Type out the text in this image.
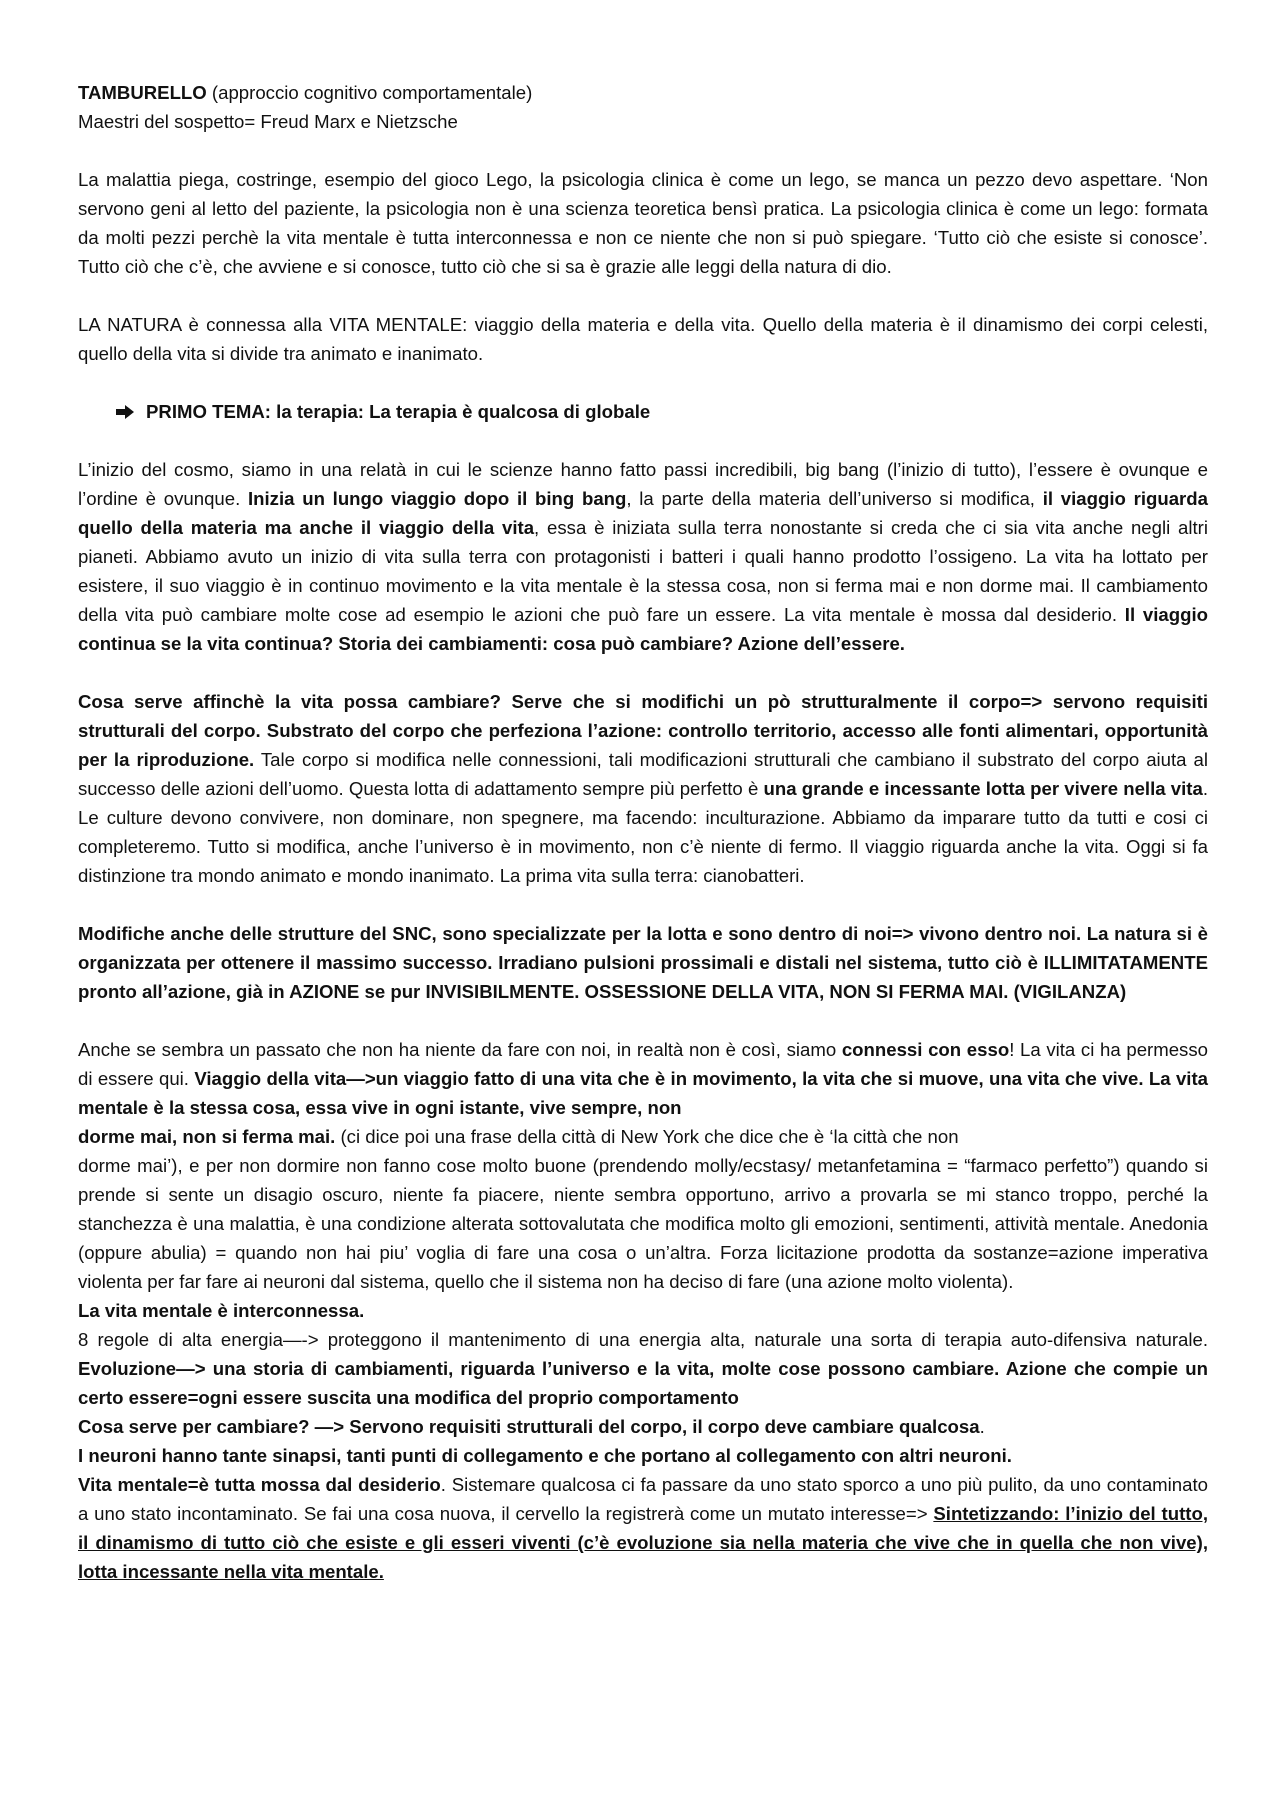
TAMBURELLO (approccio cognitivo comportamentale)

Maestri del sospetto= Freud Marx e Nietzsche

La malattia piega, costringe, esempio del gioco Lego, la psicologia clinica è come un lego, se manca un pezzo devo aspettare. ‘Non servono geni al letto del paziente, la psicologia non è una scienza teoretica bensì pratica. La psicologia clinica è come un lego: formata da molti pezzi perchè la vita mentale è tutta interconnessa e non ce niente che non si può spiegare. ‘Tutto ciò che esiste si conosce’. Tutto ciò che c’è, che avviene e si conosce, tutto ciò che si sa è grazie alle leggi della natura di dio.

LA NATURA è connessa alla VITA MENTALE: viaggio della materia e della vita. Quello della materia è il dinamismo dei corpi celesti, quello della vita si divide tra animato e inanimato.

PRIMO TEMA: la terapia: La terapia è qualcosa di globale

L’inizio del cosmo, siamo in una relatà in cui le scienze hanno fatto passi incredibili, big bang (l’inizio di tutto), l’essere è ovunque e l’ordine è ovunque. Inizia un lungo viaggio dopo il bing bang, la parte della materia dell’universo si modifica, il viaggio riguarda quello della materia ma anche il viaggio della vita, essa è iniziata sulla terra nonostante si creda che ci sia vita anche negli altri pianeti. Abbiamo avuto un inizio di vita sulla terra con protagonisti i batteri i quali hanno prodotto l’ossigeno. La vita ha lottato per esistere, il suo viaggio è in continuo movimento e la vita mentale è la stessa cosa, non si ferma mai e non dorme mai. Il cambiamento della vita può cambiare molte cose ad esempio le azioni che può fare un essere. La vita mentale è mossa dal desiderio. Il viaggio continua se la vita continua? Storia dei cambiamenti: cosa può cambiare? Azione dell’essere.

Cosa serve affinchè la vita possa cambiare? Serve che si modifichi un pò strutturalmente il corpo=> servono requisiti strutturali del corpo. Substrato del corpo che perfeziona l’azione: controllo territorio, accesso alle fonti alimentari, opportunità per la riproduzione. Tale corpo si modifica nelle connessioni, tali modificazioni strutturali che cambiano il substrato del corpo aiuta al successo delle azioni dell’uomo. Questa lotta di adattamento sempre più perfetto è una grande e incessante lotta per vivere nella vita. Le culture devono convivere, non dominare, non spegnere, ma facendo: inculturazione. Abbiamo da imparare tutto da tutti e cosi ci completeremo. Tutto si modifica, anche l’universo è in movimento, non c’è niente di fermo. Il viaggio riguarda anche la vita. Oggi si fa distinzione tra mondo animato e mondo inanimato. La prima vita sulla terra: cianobatteri.

Modifiche anche delle strutture del SNC, sono specializzate per la lotta e sono dentro di noi=> vivono dentro noi. La natura si è organizzata per ottenere il massimo successo. Irradiano pulsioni prossimali e distali nel sistema, tutto ciò è ILLIMITATAMENTE pronto all’azione, già in AZIONE se pur INVISIBILMENTE. OSSESSIONE DELLA VITA, NON SI FERMA MAI. (VIGILANZA)

Anche se sembra un passato che non ha niente da fare con noi, in realtà non è così, siamo connessi con esso! La vita ci ha permesso di essere qui. Viaggio della vita—>un viaggio fatto di una vita che è in movimento, la vita che si muove, una vita che vive. La vita mentale è la stessa cosa, essa vive in ogni istante, vive sempre, non

dorme mai, non si ferma mai. (ci dice poi una frase della città di New York che dice che è ‘la città che non

dorme mai’), e per non dormire non fanno cose molto buone (prendendo molly/ecstasy/ metanfetamina = “farmaco perfetto”) quando si prende si sente un disagio oscuro, niente fa piacere, niente sembra opportuno, arrivo a provarla se mi stanco troppo, perché la stanchezza è una malattia, è una condizione alterata sottovalutata che modifica molto gli emozioni, sentimenti, attività mentale. Anedonia (oppure abulia) = quando non hai piu’ voglia di fare una cosa o un’altra. Forza licitazione prodotta da sostanze=azione imperativa violenta per far fare ai neuroni dal sistema, quello che il sistema non ha deciso di fare (una azione molto violenta).

La vita mentale è interconnessa.

8 regole di alta energia—-> proteggono il mantenimento di una energia alta, naturale una sorta di terapia auto-difensiva naturale. Evoluzione—> una storia di cambiamenti, riguarda l’universo e la vita, molte cose possono cambiare. Azione che compie un certo essere=ogni essere suscita una modifica del proprio comportamento

Cosa serve per cambiare? —> Servono requisiti strutturali del corpo, il corpo deve cambiare qualcosa.

I neuroni hanno tante sinapsi, tanti punti di collegamento e che portano al collegamento con altri neuroni.

Vita mentale=è tutta mossa dal desiderio. Sistemare qualcosa ci fa passare da uno stato sporco a uno più pulito, da uno contaminato a uno stato incontaminato. Se fai una cosa nuova, il cervello la registrerà come un mutato interesse=> Sintetizzando: l’inizio del tutto, il dinamismo di tutto ciò che esiste e gli esseri viventi (c’è evoluzione sia nella materia che vive che in quella che non vive), lotta incessante nella vita mentale.
